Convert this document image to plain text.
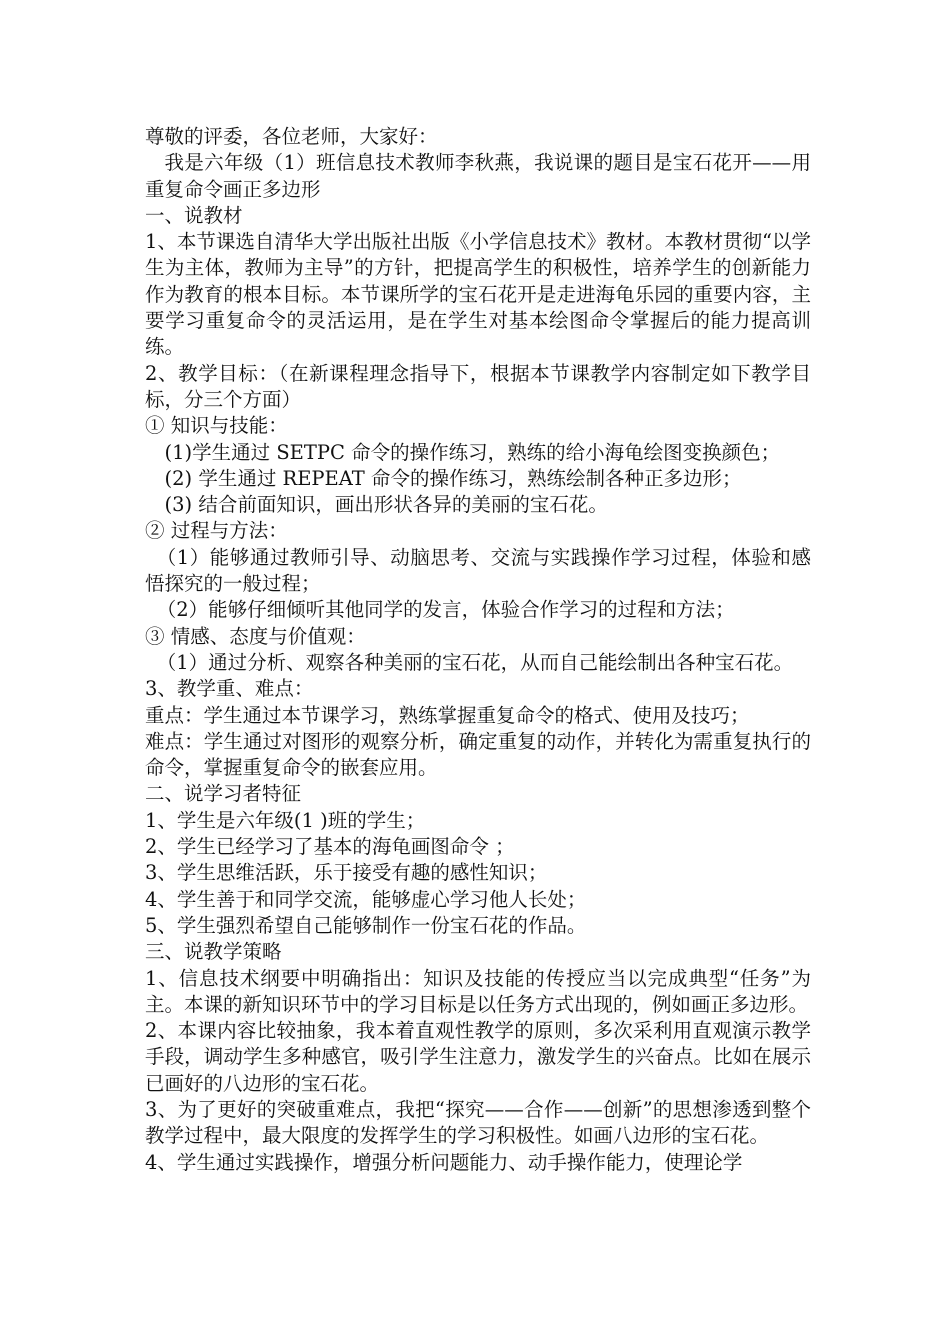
尊敬的评委，各位老师，大家好：

我是六年级（1）班信息技术教师李秋燕，我说课的题目是宝石花开——用重复命令画正多边形

一、说教材

1、本节课选自清华大学出版社出版《小学信息技术》教材。本教材贯彻“以学生为主体，教师为主导”的方针，把提高学生的积极性，培养学生的创新能力作为教育的根本目标。本节课所学的宝石花开是走进海龟乐园的重要内容，主要学习重复命令的灵活运用，是在学生对基本绘图命令掌握后的能力提高训练。

2、教学目标：（在新课程理念指导下，根据本节课教学内容制定如下教学目标，分三个方面）

① 知识与技能：

(1)学生通过 SETPC 命令的操作练习，熟练的给小海龟绘图变换颜色；

(2) 学生通过 REPEAT 命令的操作练习，熟练绘制各种正多边形；

(3) 结合前面知识，画出形状各异的美丽的宝石花。

② 过程与方法：

（1）能够通过教师引导、动脑思考、交流与实践操作学习过程，体验和感悟探究的一般过程；

（2）能够仔细倾听其他同学的发言，体验合作学习的过程和方法；

③ 情感、态度与价值观：

（1）通过分析、观察各种美丽的宝石花，从而自己能绘制出各种宝石花。

3、教学重、难点：

重点：学生通过本节课学习，熟练掌握重复命令的格式、使用及技巧；

难点：学生通过对图形的观察分析，确定重复的动作，并转化为需重复执行的命令，掌握重复命令的嵌套应用。

二、说学习者特征

1、学生是六年级(1 )班的学生；

2、学生已经学习了基本的海龟画图命令 ；

3、学生思维活跃，乐于接受有趣的感性知识；

4、学生善于和同学交流，能够虚心学习他人长处；

5、学生强烈希望自己能够制作一份宝石花的作品。

三、说教学策略

1、信息技术纲要中明确指出：知识及技能的传授应当以完成典型“任务”为主。本课的新知识环节中的学习目标是以任务方式出现的，例如画正多边形。

2、本课内容比较抽象，我本着直观性教学的原则，多次采利用直观演示教学手段，调动学生多种感官，吸引学生注意力，激发学生的兴奋点。比如在展示已画好的八边形的宝石花。

3、为了更好的突破重难点，我把“探究——合作——创新”的思想渗透到整个教学过程中，最大限度的发挥学生的学习积极性。如画八边形的宝石花。

4、学生通过实践操作，增强分析问题能力、动手操作能力，使理论学
